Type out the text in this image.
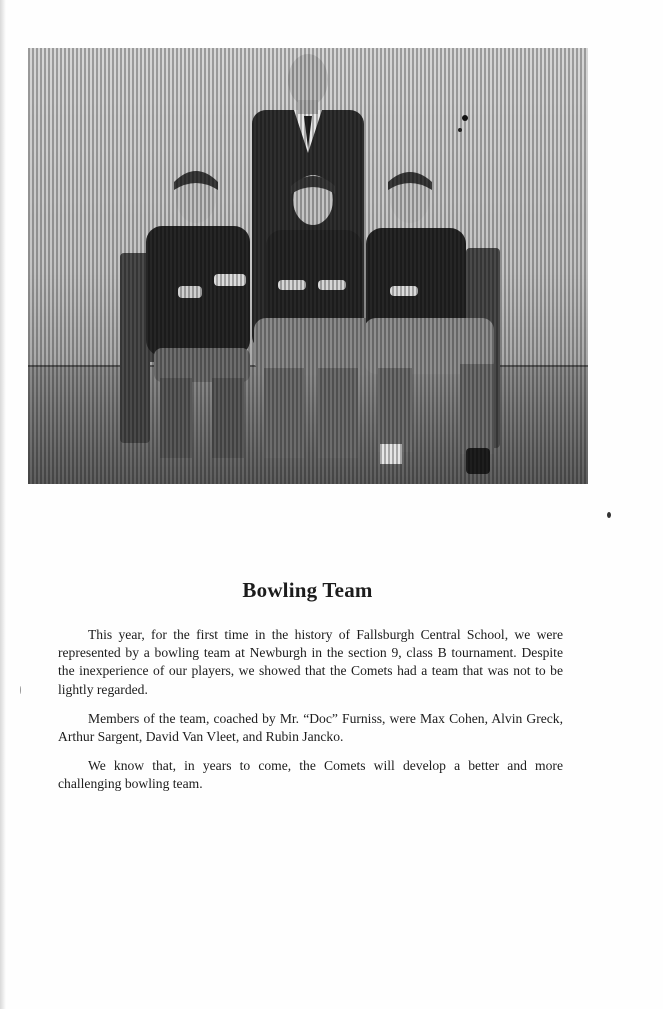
Bowling Team

This year, for the first time in the history of Fallsburgh Central School, we were represented by a bowling team at Newburgh in the section 9, class B tournament. Despite the inexperience of our players, we showed that the Comets had a team that was not to be lightly regarded.

Members of the team, coached by Mr. “Doc” Furniss, were Max Cohen, Alvin Greck, Arthur Sargent, David Van Vleet, and Rubin Jancko.

We know that, in years to come, the Comets will develop a better and more challenging bowling team.
